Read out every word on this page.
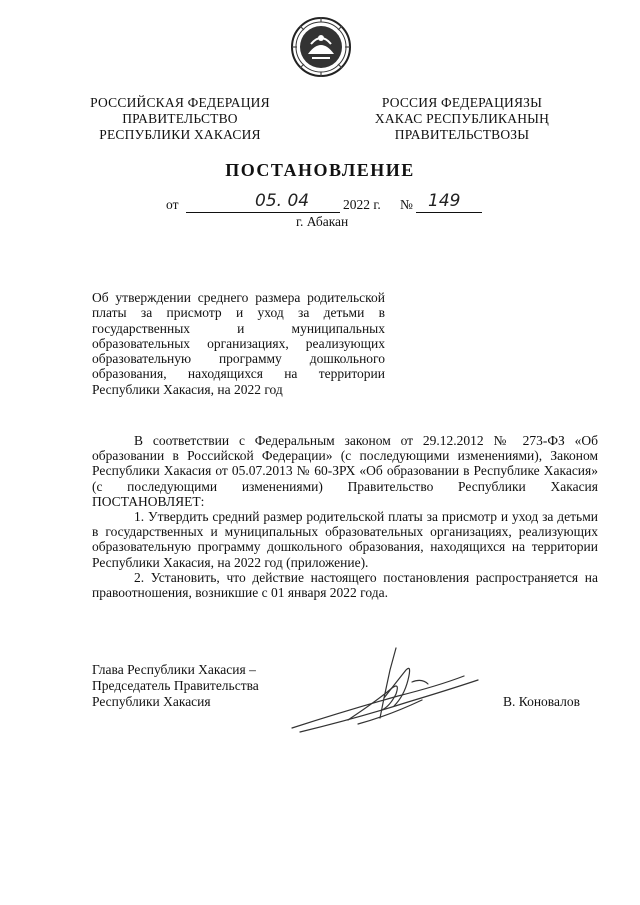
РОССИЙСКАЯ ФЕДЕРАЦИЯ
ПРАВИТЕЛЬСТВО
РЕСПУБЛИКИ ХАКАСИЯ
РОССИЯ ФЕДЕРАЦИЯЗЫ
ХАКАС РЕСПУБЛИКАНЫҢ
ПРАВИТЕЛЬСТВОЗЫ
ПОСТАНОВЛЕНИЕ
от	05. 04	2022 г. № 149
г. Абакан
Об утверждении среднего размера родительской платы за присмотр и уход за детьми в государственных и муниципальных образовательных организациях, реализующих образовательную программу дошкольного образования, находящихся на территории Республики Хакасия, на 2022 год

В соответствии с Федеральным законом от 29.12.2012 № 273-ФЗ «Об образовании в Российской Федерации» (с последующими изменениями), Законом Республики Хакасия от 05.07.2013 № 60-ЗРХ «Об образовании в Республике Хакасия» (с последующими изменениями) Правительство Республики Хакасия ПОСТАНОВЛЯЕТ:

1. Утвердить средний размер родительской платы за присмотр и уход за детьми в государственных и муниципальных образовательных организациях, реализующих образовательную программу дошкольного образования, находящихся на территории Республики Хакасия, на 2022 год (приложение).

2. Установить, что действие настоящего постановления распространяется на правоотношения, возникшие с 01 января 2022 года.

Глава Республики Хакасия –
Председатель Правительства
Республики Хакасия	В. Коновалов
